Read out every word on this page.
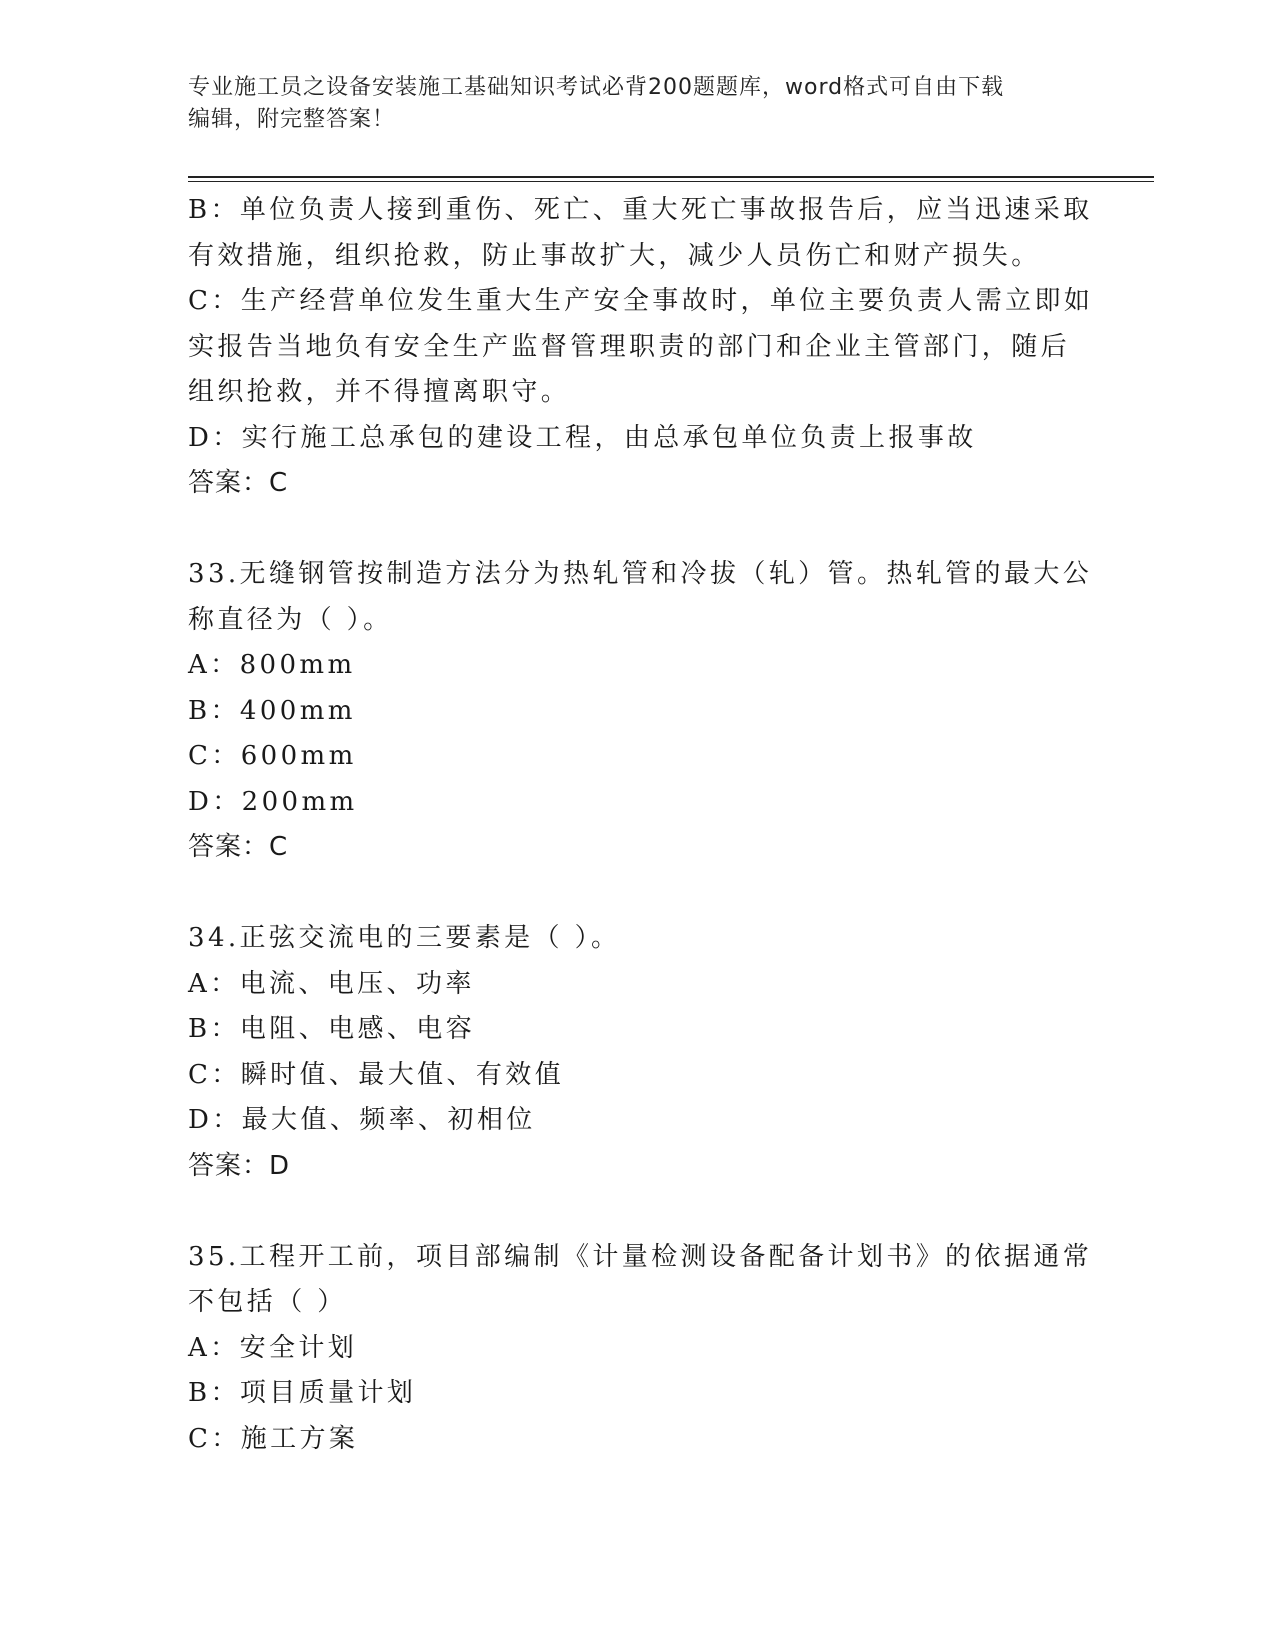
专业施工员之设备安装施工基础知识考试必背200题题库，word格式可自由下载
编辑，附完整答案！
B：单位负责人接到重伤、死亡、重大死亡事故报告后，应当迅速采取
有效措施，组织抢救，防止事故扩大，减少人员伤亡和财产损失。
C：生产经营单位发生重大生产安全事故时，单位主要负责人需立即如
实报告当地负有安全生产监督管理职责的部门和企业主管部门，随后
组织抢救，并不得擅离职守。
D：实行施工总承包的建设工程，由总承包单位负责上报事故
答案：C
33.无缝钢管按制造方法分为热轧管和冷拔（轧）管。热轧管的最大公
称直径为（ ）。
A：800mm
B：400mm
C：600mm
D：200mm
答案：C
34.正弦交流电的三要素是（ ）。
A：电流、电压、功率
B：电阻、电感、电容
C：瞬时值、最大值、有效值
D：最大值、频率、初相位
答案：D
35.工程开工前，项目部编制《计量检测设备配备计划书》的依据通常
不包括（ ）
A：安全计划
B：项目质量计划
C：施工方案
